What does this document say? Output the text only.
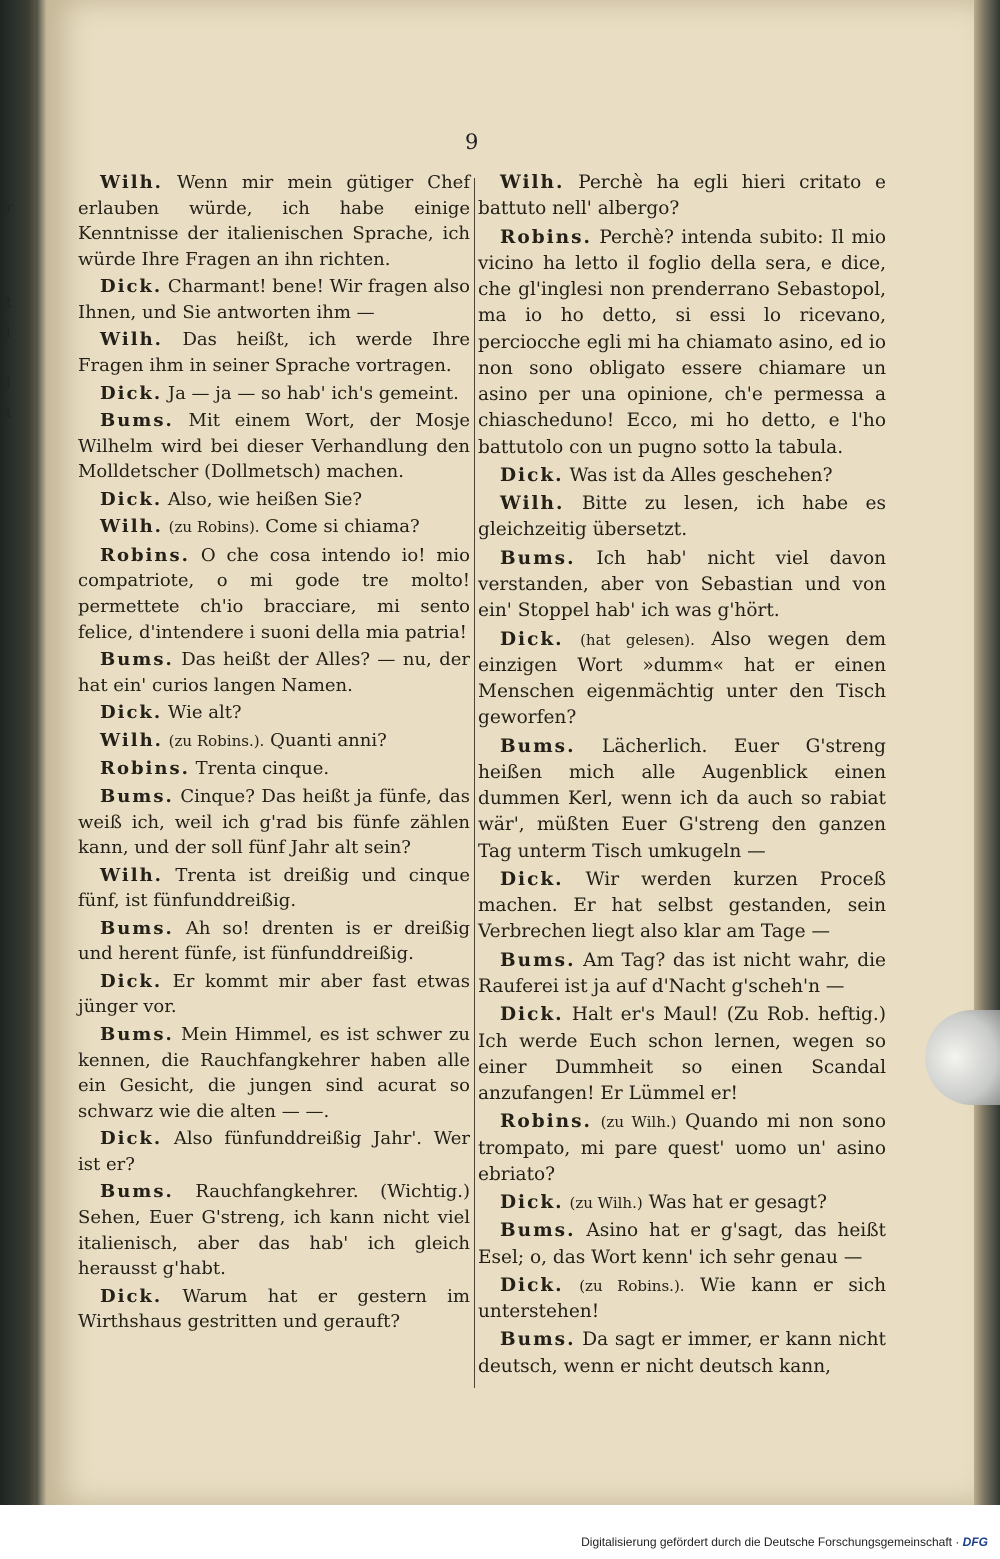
r
t
l
i
t
9

Wilh. Wenn mir mein gütiger Chef erlauben würde, ich habe einige Kenntnisse der italienischen Sprache, ich würde Ihre Fragen an ihn richten.

Dick. Charmant! bene! Wir fragen also Ihnen, und Sie antworten ihm —

Wilh. Das heißt, ich werde Ihre Fragen ihm in seiner Sprache vortragen.

Dick. Ja — ja — so hab' ich's gemeint.

Bums. Mit einem Wort, der Mosje Wilhelm wird bei dieser Verhandlung den Molldetscher (Dollmetsch) machen.

Dick. Also, wie heißen Sie?

Wilh. (zu Robins). Come si chiama?

Robins. O che cosa intendo io! mio compatriote, o mi gode tre molto! permettete ch'io bracciare, mi sento felice, d'intendere i suoni della mia patria!

Bums. Das heißt der Alles? — nu, der hat ein' curios langen Namen.

Dick. Wie alt?

Wilh. (zu Robins.). Quanti anni?

Robins. Trenta cinque.

Bums. Cinque? Das heißt ja fünfe, das weiß ich, weil ich g'rad bis fünfe zählen kann, und der soll fünf Jahr alt sein?

Wilh. Trenta ist dreißig und cinque fünf, ist fünfunddreißig.

Bums. Ah so! drenten is er dreißig und herent fünfe, ist fünfunddreißig.

Dick. Er kommt mir aber fast etwas jünger vor.

Bums. Mein Himmel, es ist schwer zu kennen, die Rauchfangkehrer haben alle ein Gesicht, die jungen sind acurat so schwarz wie die alten — —.

Dick. Also fünfunddreißig Jahr'. Wer ist er?

Bums. Rauchfangkehrer. (Wichtig.) Sehen, Euer G'streng, ich kann nicht viel italienisch, aber das hab' ich gleich herausst g'habt.

Dick. Warum hat er gestern im Wirthshaus gestritten und gerauft?

Wilh. Perchè ha egli hieri critato e battuto nell' albergo?

Robins. Perchè? intenda subito: Il mio vicino ha letto il foglio della sera, e dice, che gl'inglesi non prenderrano Sebastopol, ma io ho detto, si essi lo ricevano, perciocche egli mi ha chiamato asino, ed io non sono obligato essere chiamare un asino per una opinione, ch'e permessa a chiascheduno! Ecco, mi ho detto, e l'ho battutolo con un pugno sotto la tabula.

Dick. Was ist da Alles geschehen?

Wilh. Bitte zu lesen, ich habe es gleichzeitig übersetzt.

Bums. Ich hab' nicht viel davon verstanden, aber von Sebastian und von ein' Stoppel hab' ich was g'hört.

Dick. (hat gelesen). Also wegen dem einzigen Wort »dumm« hat er einen Menschen eigenmächtig unter den Tisch geworfen?

Bums. Lächerlich. Euer G'streng heißen mich alle Augenblick einen dummen Kerl, wenn ich da auch so rabiat wär', müßten Euer G'streng den ganzen Tag unterm Tisch umkugeln —

Dick. Wir werden kurzen Proceß machen. Er hat selbst gestanden, sein Verbrechen liegt also klar am Tage —

Bums. Am Tag? das ist nicht wahr, die Rauferei ist ja auf d'Nacht g'scheh'n —

Dick. Halt er's Maul! (Zu Rob. heftig.) Ich werde Euch schon lernen, wegen so einer Dummheit so einen Scandal anzufangen! Er Lümmel er!

Robins. (zu Wilh.) Quando mi non sono trompato, mi pare quest' uomo un' asino ebriato?

Dick. (zu Wilh.) Was hat er gesagt?

Bums. Asino hat er g'sagt, das heißt Esel; o, das Wort kenn' ich sehr genau —

Dick. (zu Robins.). Wie kann er sich unterstehen!

Bums. Da sagt er immer, er kann nicht deutsch, wenn er nicht deutsch kann,

Digitalisierung gefördert durch die Deutsche Forschungsgemeinschaft · DFG
